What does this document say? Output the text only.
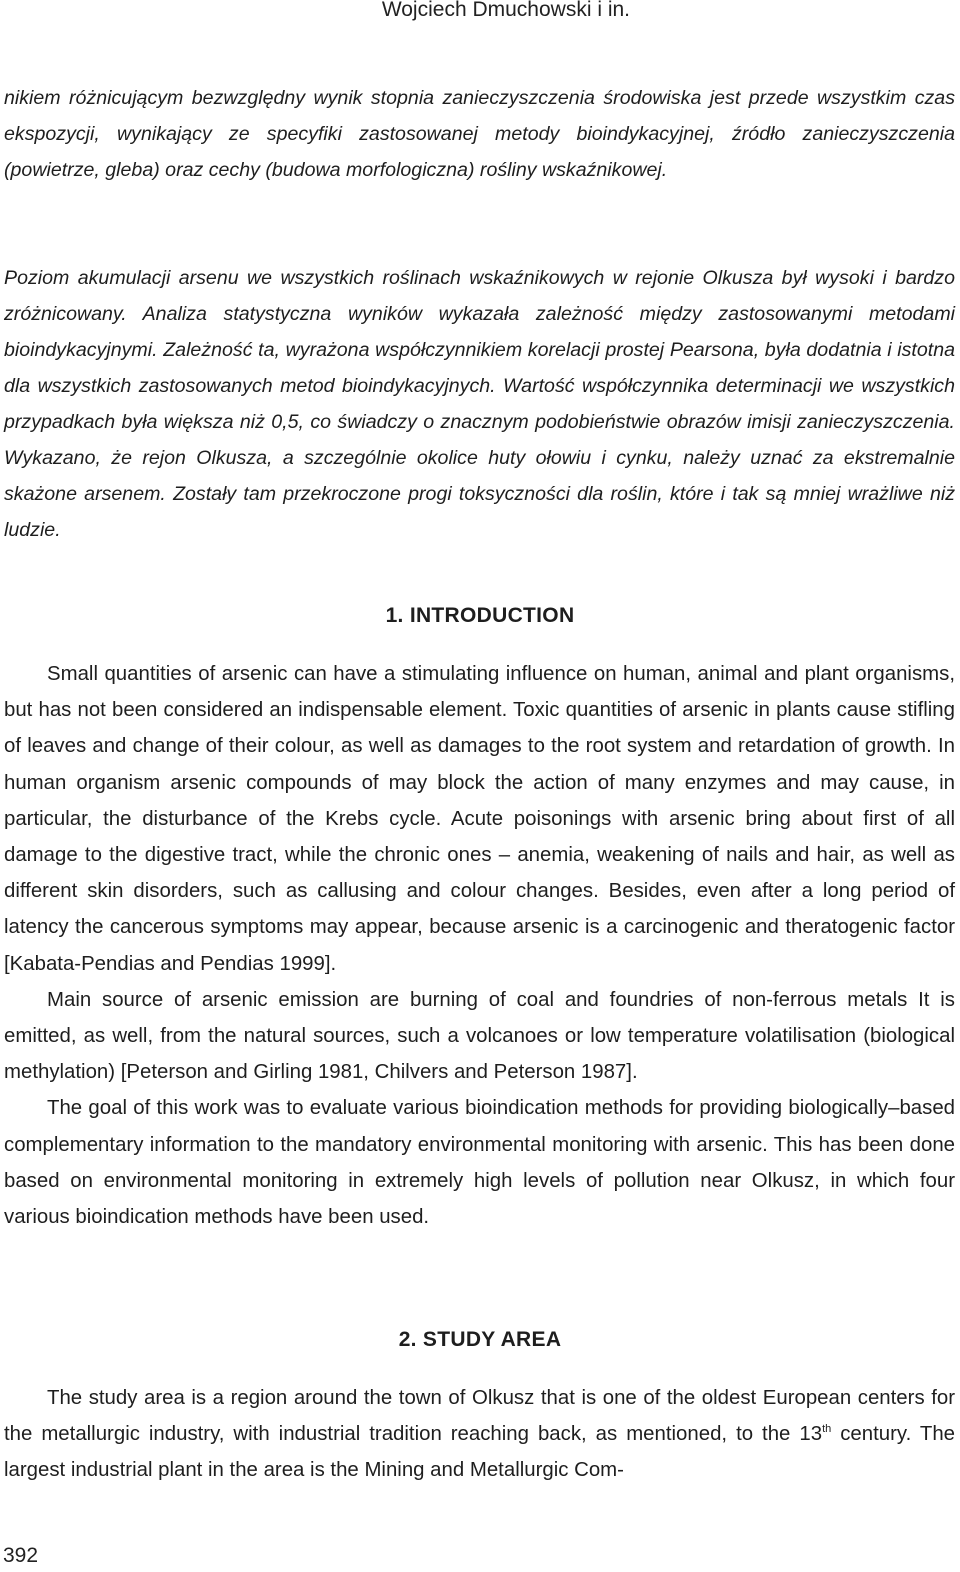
Wojciech Dmuchowski i in.

nikiem różnicującym bezwzględny wynik stopnia zanieczyszczenia środowiska jest przede wszystkim czas ekspozycji, wynikający ze specyfiki zastosowanej metody bioindykacyjnej, źródło zanieczyszczenia (powietrze, gleba) oraz cechy (budowa morfologiczna) rośliny wskaźnikowej.

Poziom akumulacji arsenu we wszystkich roślinach wskaźnikowych w rejonie Olkusza był wysoki i bardzo zróżnicowany. Analiza statystyczna wyników wykazała zależność między zastosowanymi metodami bioindykacyjnymi. Zależność ta, wyrażona współczynnikiem korelacji prostej Pearsona, była dodatnia i istotna dla wszystkich zastosowanych metod bioindykacyjnych. Wartość współczynnika determinacji we wszystkich przypadkach była większa niż 0,5, co świadczy o znacznym podobieństwie obrazów imisji zanieczyszczenia. Wykazano, że rejon Olkusza, a szczególnie okolice huty ołowiu i cynku, należy uznać za ekstremalnie skażone arsenem. Zostały tam przekroczone progi toksyczności dla roślin, które i tak są mniej wrażliwe niż ludzie.

1. INTRODUCTION

Small quantities of arsenic can have a stimulating influence on human, animal and plant organisms, but has not been considered an indispensable element. Toxic quantities of arsenic in plants cause stifling of leaves and change of their colour, as well as damages to the root system and retardation of growth. In human organism arsenic compounds of may block the action of many enzymes and may cause, in particular, the disturbance of the Krebs cycle. Acute poisonings with arsenic bring about first of all damage to the digestive tract, while the chronic ones – anemia, weakening of nails and hair, as well as different skin disorders, such as callusing and colour changes. Besides, even after a long period of latency the cancerous symptoms may appear, because arsenic is a carcinogenic and theratogenic factor [Kabata-Pendias and Pendias 1999].

Main source of arsenic emission are burning of coal and foundries of non-ferrous metals It is emitted, as well, from the natural sources, such a volcanoes or low temperature volatilisation (biological methylation) [Peterson and Girling 1981, Chilvers and Peterson 1987].

The goal of this work was to evaluate various bioindication methods for providing biologically–based complementary information to the mandatory environmental monitoring with arsenic. This has been done based on environmental monitoring in extremely high levels of pollution near Olkusz, in which four various bioindication methods have been used.

2. STUDY AREA

The study area is a region around the town of Olkusz that is one of the oldest European centers for the metallurgic industry, with industrial tradition reaching back, as mentioned, to the 13th century. The largest industrial plant in the area is the Mining and Metallurgic Com-

392
